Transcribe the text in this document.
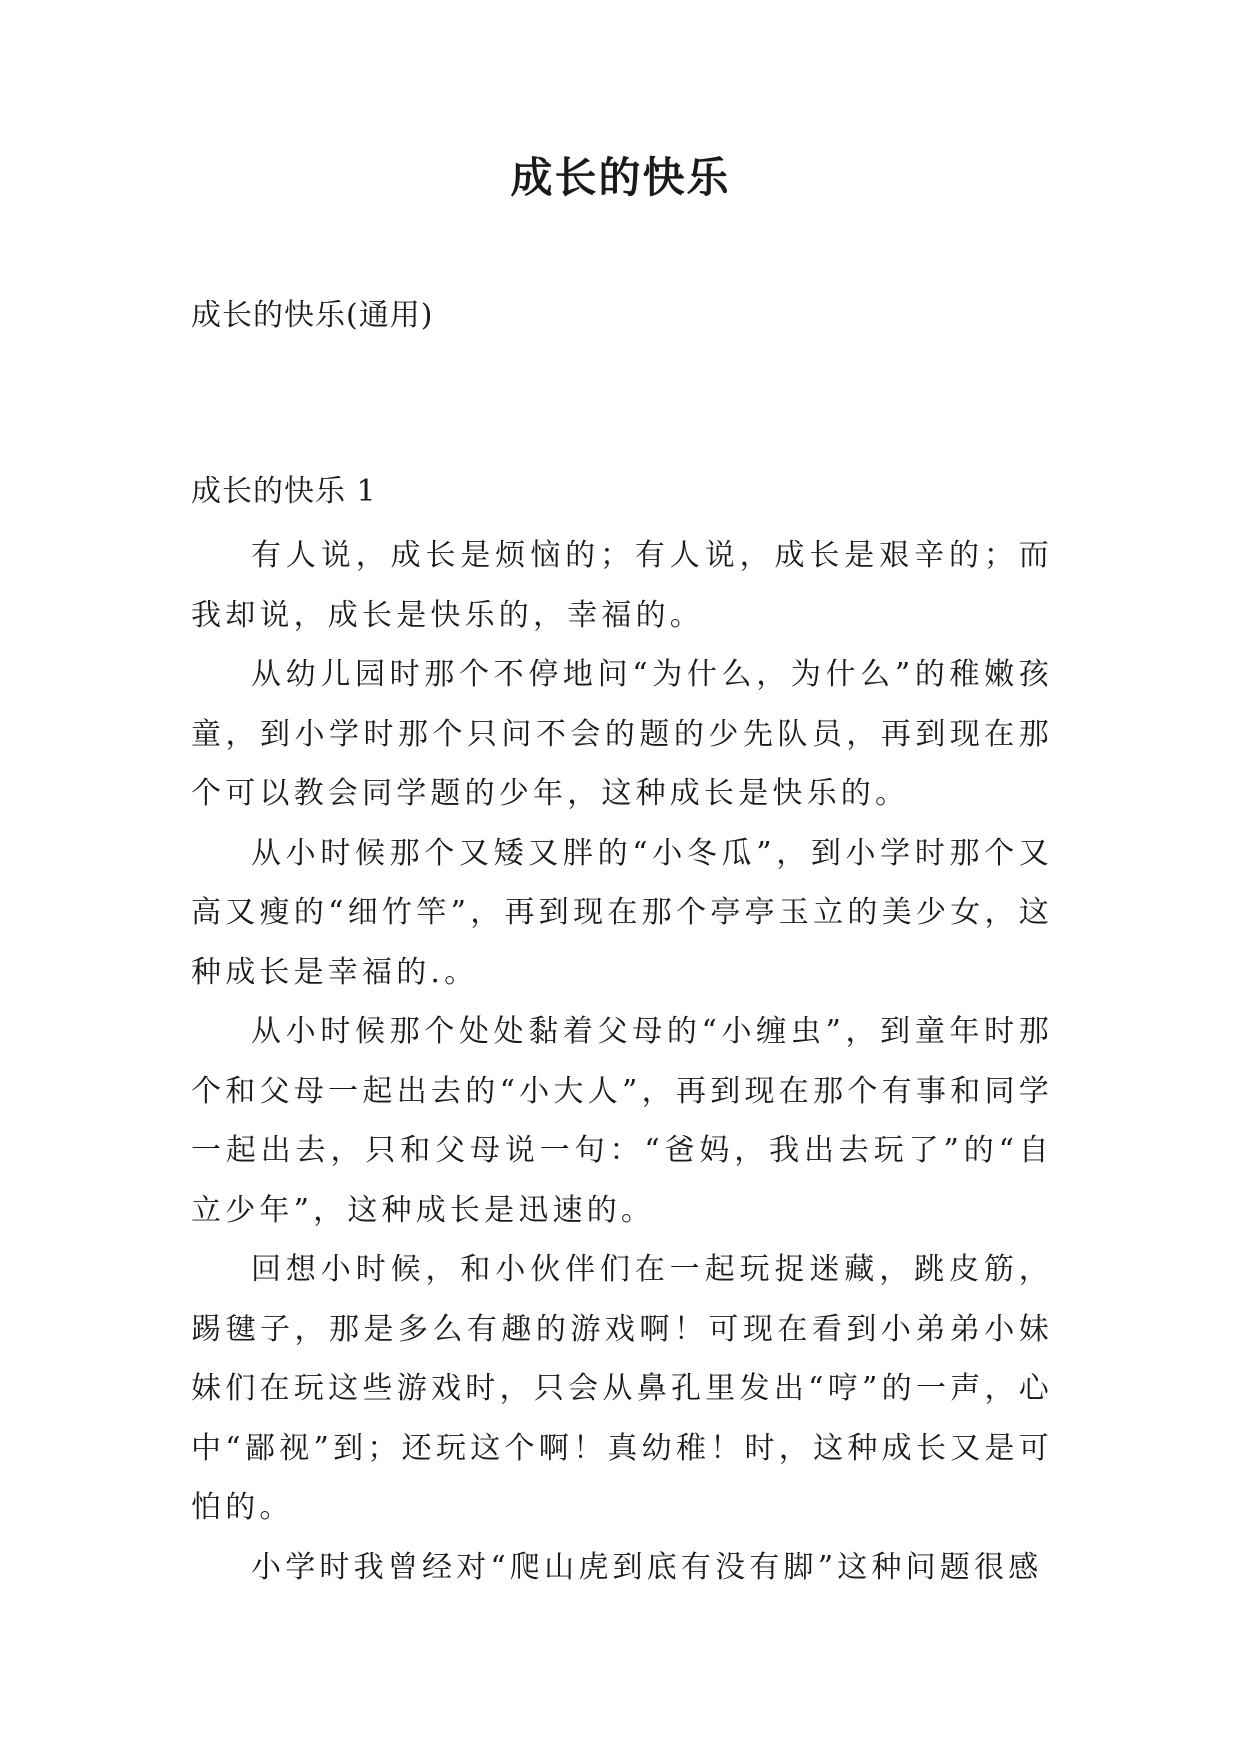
成长的快乐
成长的快乐(通用)
成长的快乐 1

有人说，成长是烦恼的；有人说，成长是艰辛的；而我却说，成长是快乐的，幸福的。

从幼儿园时那个不停地问“为什么，为什么”的稚嫩孩童，到小学时那个只问不会的题的少先队员，再到现在那个可以教会同学题的少年，这种成长是快乐的。

从小时候那个又矮又胖的“小冬瓜”，到小学时那个又高又瘦的“细竹竿”，再到现在那个亭亭玉立的美少女，这种成长是幸福的.。

从小时候那个处处黏着父母的“小缠虫”，到童年时那个和父母一起出去的“小大人”，再到现在那个有事和同学一起出去，只和父母说一句：“爸妈，我出去玩了”的“自立少年”，这种成长是迅速的。

回想小时候，和小伙伴们在一起玩捉迷藏，跳皮筋，踢毽子，那是多么有趣的游戏啊！可现在看到小弟弟小妹妹们在玩这些游戏时，只会从鼻孔里发出“哼”的一声，心中“鄙视”到；还玩这个啊！真幼稚！时，这种成长又是可怕的。

小学时我曾经对“爬山虎到底有没有脚”这种问题很感
